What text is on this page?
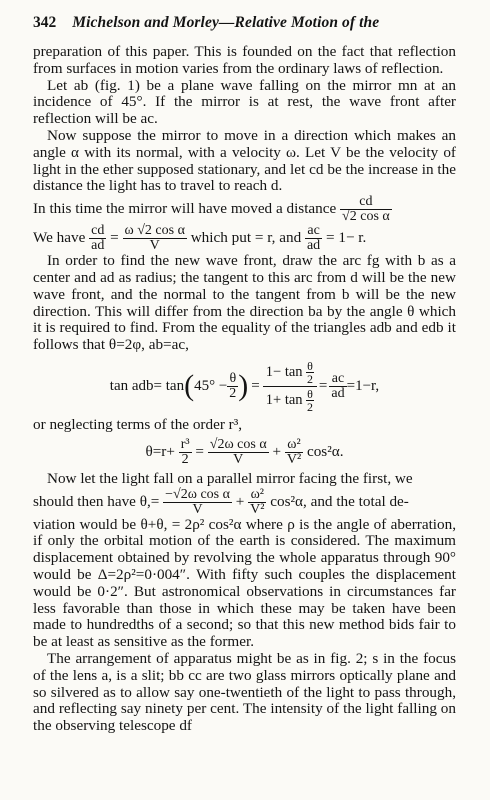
342 Michelson and Morley—Relative Motion of the

preparation of this paper. This is founded on the fact that reflection from surfaces in motion varies from the ordinary laws of reflection.

Let ab (fig. 1) be a plane wave falling on the mirror mn at an incidence of 45°. If the mirror is at rest, the wave front after reflection will be ac.

Now suppose the mirror to move in a direction which makes an angle α with its normal, with a velocity ω. Let V be the velocity of light in the ether supposed stationary, and let cd be the increase in the distance the light has to travel to reach d.

In this time the mirror will have moved a distance $\frac{cd}{\text{√2 cos α}}$

We have $\frac{cd}{ad} = \frac{\text{ω √2 cos α}}{V}$ which put = r, and $\frac{ac}{ad} = 1- r$.

In order to find the new wave front, draw the arc fg with b as a center and ad as radius; the tangent to this arc from d will be the new wave front, and the normal to the tangent from b will be the new direction. This will differ from the direction ba by the angle θ which it is required to find. From the equality of the triangles adb and edb it follows that θ=2φ, ab=ac,

tan adb= tan ( $45^\circ - \frac{\theta}{2}$ ) = $\frac{1- \tan \frac{\theta}{2}}{1+ \tan \frac{\theta}{2}} = \frac{ac}{ad} =1-r$,

or neglecting terms of the order r³,

$\theta=r+ \frac{\text{r³}}{2} = \frac{\text{√2ω cos α}}{V} + \frac{\text{ω²}}{\text{V²}} \cos^2\alpha$.

Now let the light fall on a parallel mirror facing the first, we

should then have $\theta,= \frac{\text{−√2ω cos α}}{V} + \frac{\text{ω²}}{\text{V²}} \cos^2\alpha$, and the total de-

viation would be θ+θ, = 2ρ² cos²α where ρ is the angle of aberration, if only the orbital motion of the earth is considered. The maximum displacement obtained by revolving the whole apparatus through 90° would be Δ=2ρ²=0·004″. With fifty such couples the displacement would be 0·2″. But astronomical observations in circumstances far less favorable than those in which these may be taken have been made to hundredths of a second; so that this new method bids fair to be at least as sensitive as the former.

The arrangement of apparatus might be as in fig. 2; s in the focus of the lens a, is a slit; bb cc are two glass mirrors optically plane and so silvered as to allow say one-twentieth of the light to pass through, and reflecting say ninety per cent. The intensity of the light falling on the observing telescope df
